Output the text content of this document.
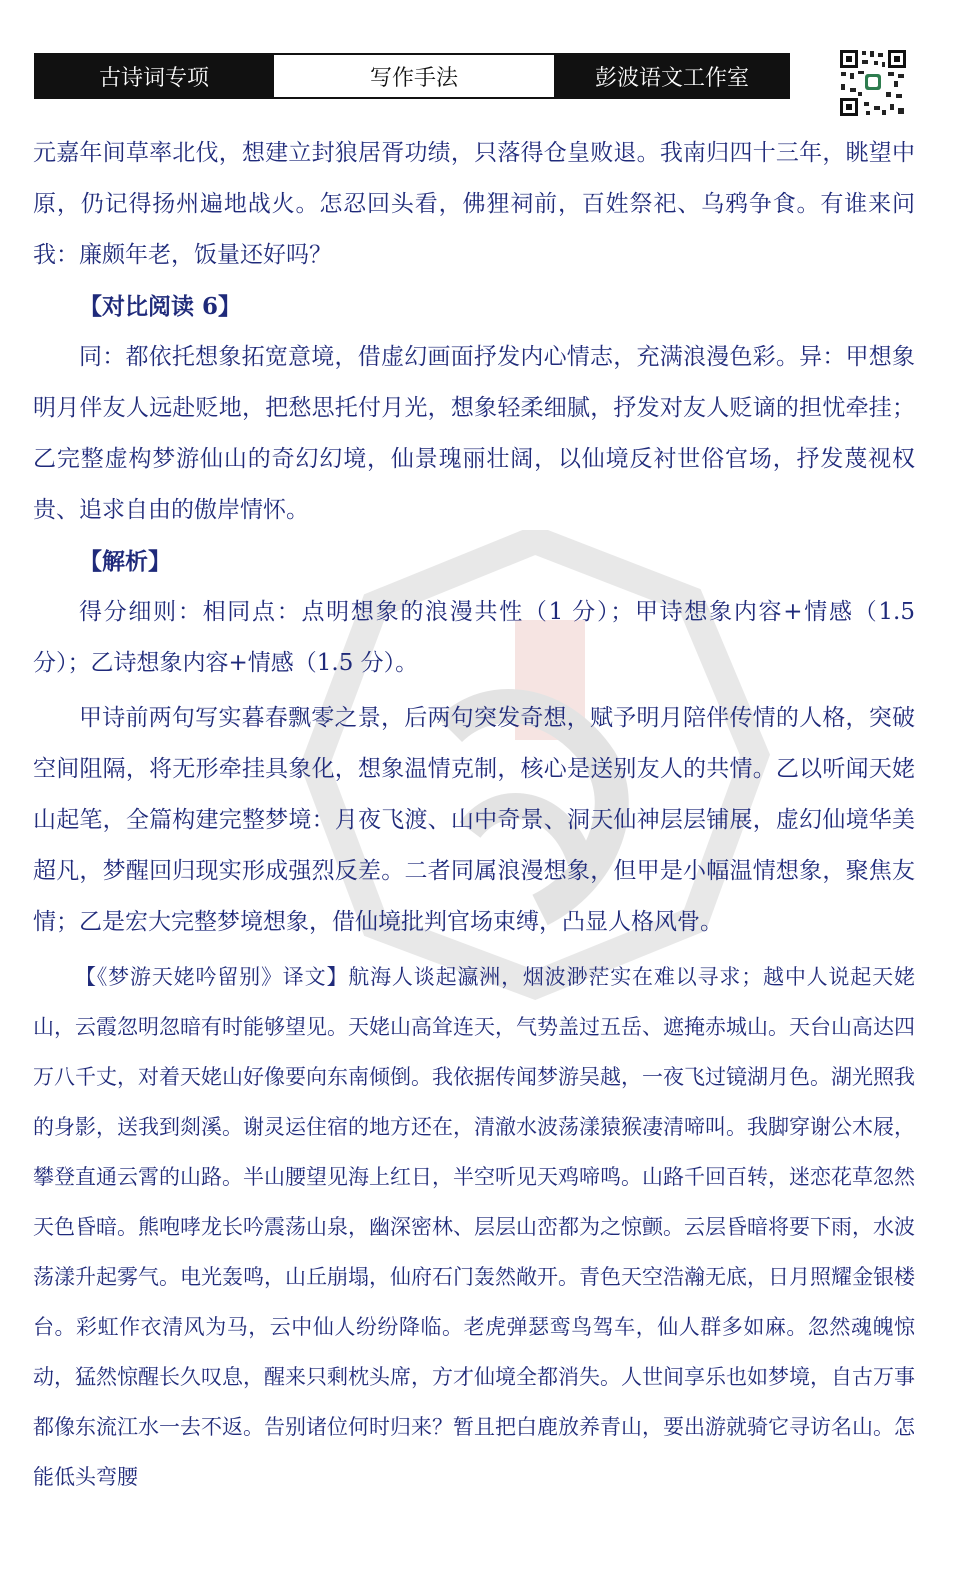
古诗词专项	写作手法	彭波语文工作室

元嘉年间草率北伐，想建立封狼居胥功绩，只落得仓皇败退。我南归四十三年，眺望中原，仍记得扬州遍地战火。怎忍回头看，佛狸祠前，百姓祭祀、乌鸦争食。有谁来问我：廉颇年老，饭量还好吗？

【对比阅读 6】

同：都依托想象拓宽意境，借虚幻画面抒发内心情志，充满浪漫色彩。异：甲想象明月伴友人远赴贬地，把愁思托付月光，想象轻柔细腻，抒发对友人贬谪的担忧牵挂；乙完整虚构梦游仙山的奇幻幻境，仙景瑰丽壮阔，以仙境反衬世俗官场，抒发蔑视权贵、追求自由的傲岸情怀。

【解析】

得分细则：相同点：点明想象的浪漫共性（1 分）；甲诗想象内容+情感（1.5 分）；乙诗想象内容+情感（1.5 分）。

甲诗前两句写实暮春飘零之景，后两句突发奇想，赋予明月陪伴传情的人格，突破空间阻隔，将无形牵挂具象化，想象温情克制，核心是送别友人的共情。乙以听闻天姥山起笔，全篇构建完整梦境：月夜飞渡、山中奇景、洞天仙神层层铺展，虚幻仙境华美超凡，梦醒回归现实形成强烈反差。二者同属浪漫想象，但甲是小幅温情想象，聚焦友情；乙是宏大完整梦境想象，借仙境批判官场束缚，凸显人格风骨。

【《梦游天姥吟留别》译文】航海人谈起瀛洲，烟波渺茫实在难以寻求；越中人说起天姥山，云霞忽明忽暗有时能够望见。天姥山高耸连天，气势盖过五岳、遮掩赤城山。天台山高达四万八千丈，对着天姥山好像要向东南倾倒。我依据传闻梦游吴越，一夜飞过镜湖月色。湖光照我的身影，送我到剡溪。谢灵运住宿的地方还在，清澈水波荡漾猿猴凄清啼叫。我脚穿谢公木屐，攀登直通云霄的山路。半山腰望见海上红日，半空听见天鸡啼鸣。山路千回百转，迷恋花草忽然天色昏暗。熊咆哮龙长吟震荡山泉，幽深密林、层层山峦都为之惊颤。云层昏暗将要下雨，水波荡漾升起雾气。电光轰鸣，山丘崩塌，仙府石门轰然敞开。青色天空浩瀚无底，日月照耀金银楼台。彩虹作衣清风为马，云中仙人纷纷降临。老虎弹瑟鸾鸟驾车，仙人群多如麻。忽然魂魄惊动，猛然惊醒长久叹息，醒来只剩枕头席，方才仙境全都消失。人世间享乐也如梦境，自古万事都像东流江水一去不返。告别诸位何时归来？暂且把白鹿放养青山，要出游就骑它寻访名山。怎能低头弯腰
